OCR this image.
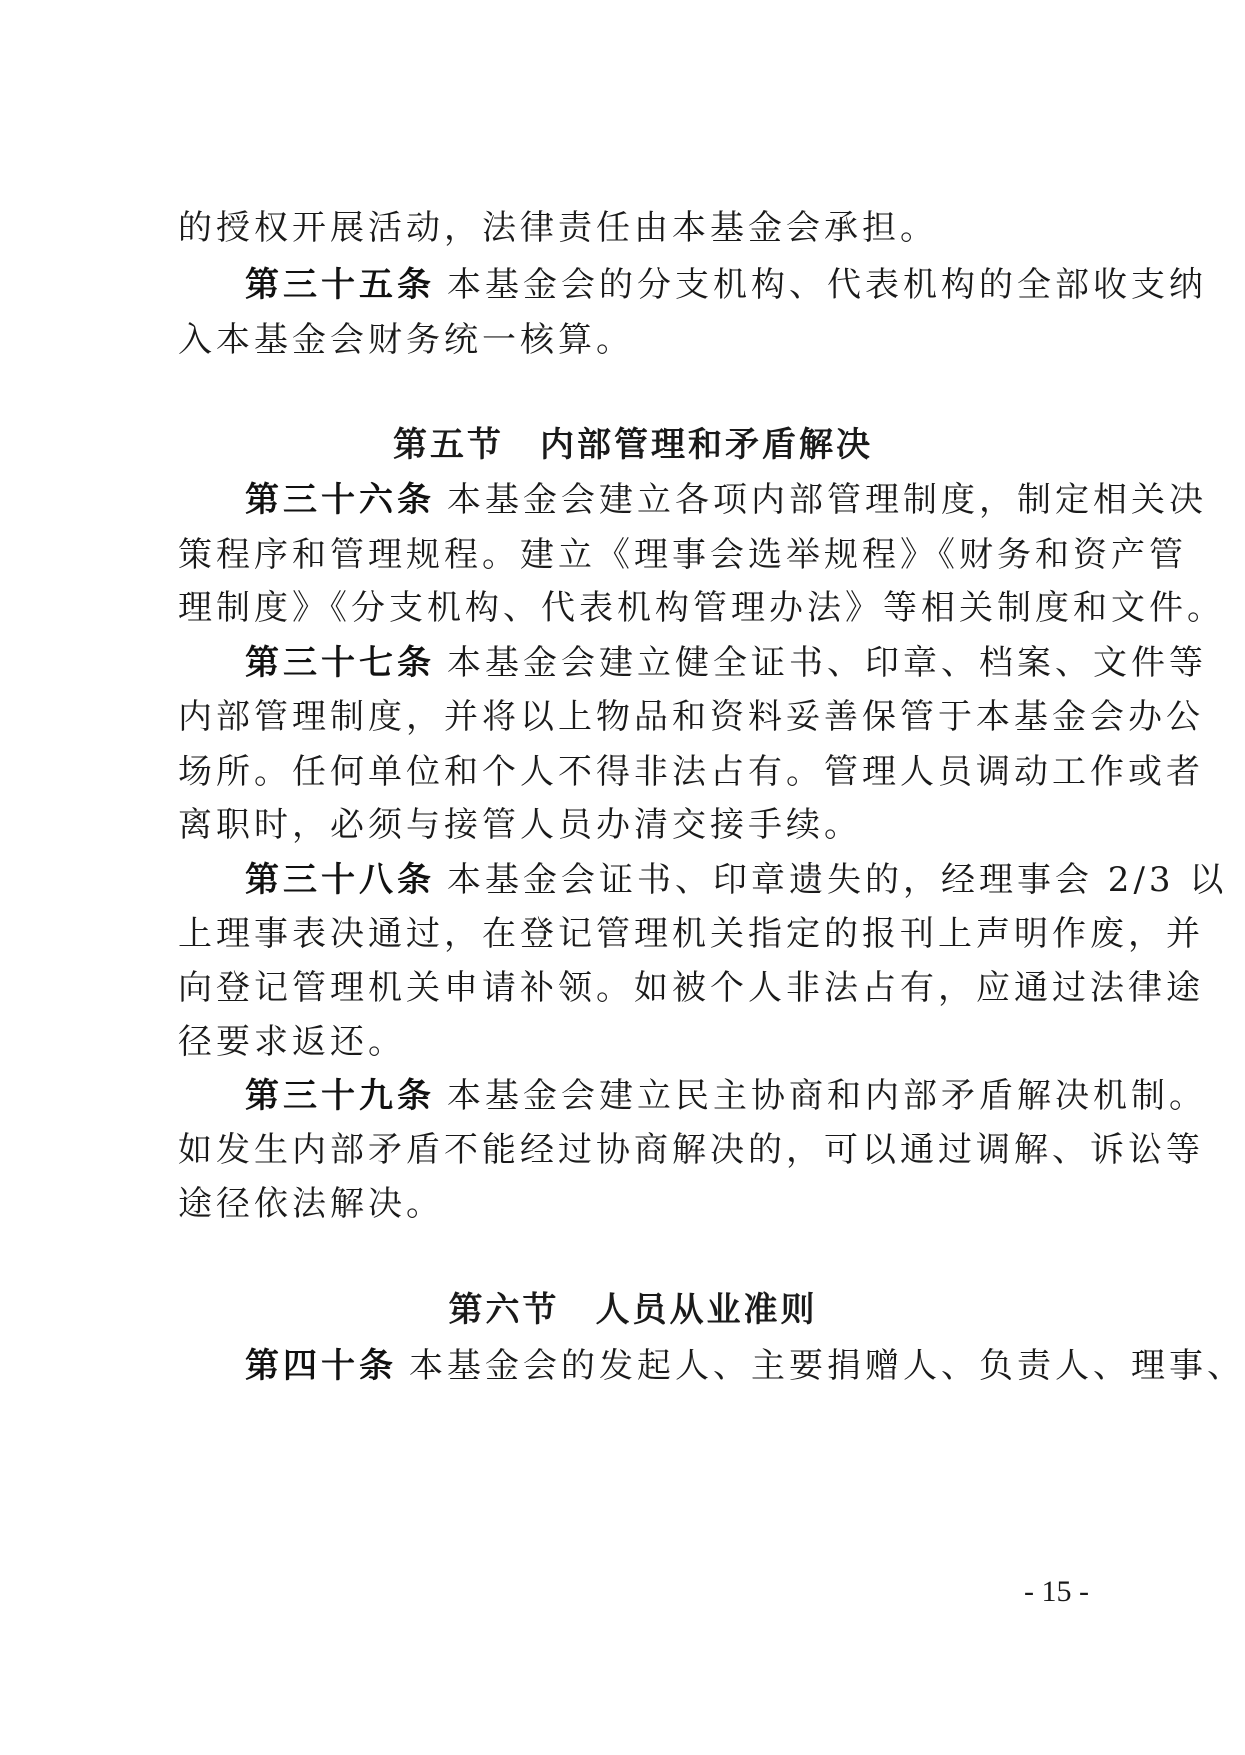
的授权开展活动，法律责任由本基金会承担。
第三十五条 本基金会的分支机构、代表机构的全部收支纳
入本基金会财务统一核算。
第五节 内部管理和矛盾解决
第三十六条 本基金会建立各项内部管理制度，制定相关决
策程序和管理规程。建立《理事会选举规程》《财务和资产管
理制度》《分支机构、代表机构管理办法》等相关制度和文件。
第三十七条 本基金会建立健全证书、印章、档案、文件等
内部管理制度，并将以上物品和资料妥善保管于本基金会办公
场所。任何单位和个人不得非法占有。管理人员调动工作或者
离职时，必须与接管人员办清交接手续。
第三十八条 本基金会证书、印章遗失的，经理事会 2/3 以
上理事表决通过，在登记管理机关指定的报刊上声明作废，并
向登记管理机关申请补领。如被个人非法占有，应通过法律途
径要求返还。
第三十九条 本基金会建立民主协商和内部矛盾解决机制。
如发生内部矛盾不能经过协商解决的，可以通过调解、诉讼等
途径依法解决。
第六节 人员从业准则
第四十条 本基金会的发起人、主要捐赠人、负责人、理事、
- 15 -
